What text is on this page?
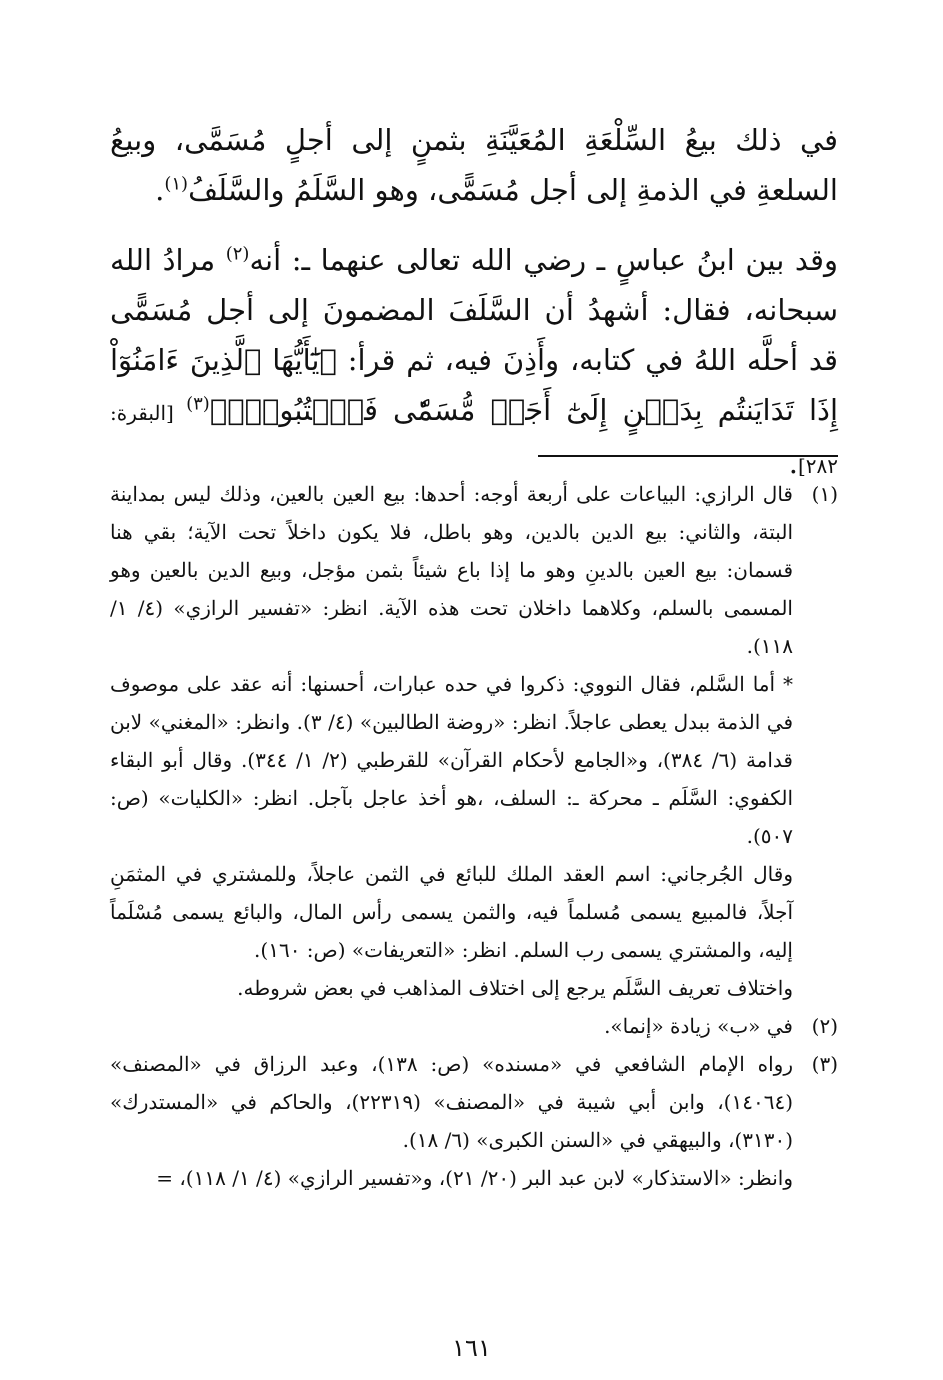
في ذلك بيعُ السِّلْعَةِ المُعَيَّنَةِ بثمنٍ إلى أجلٍ مُسَمَّى، وبيعُ السلعةِ في الذمةِ إلى أجل مُسَمًّى، وهو السَّلَمُ والسَّلَفُ$^{(١)}$.

وقد بين ابنُ عباسٍ ـ رضي الله تعالى عنهما ـ: أنه$^{(٢)}$ مرادُ الله سبحانه، فقال: أشهدُ أن السَّلَفَ المضمونَ إلى أجل مُسَمًّى قد أحلَّه اللهُ في كتابه، وأَذِنَ فيه، ثم قرأ: ﴿يَٰٓأَيُّهَا ٱلَّذِينَ ءَامَنُوٓاْ إِذَا تَدَايَنتُم بِدَيۡنٍ إِلَىٰٓ أَجَلٖ مُّسَمّٗى فَٱكۡتُبُوهُۚ﴾$^{(٣)}$ [البقرة: ٢٨٢].

(١)

قال الرازي: البياعات على أربعة أوجه: أحدها: بيع العين بالعين، وذلك ليس بمداينة البتة، والثاني: بيع الدين بالدين، وهو باطل، فلا يكون داخلاً تحت الآية؛ بقي هنا قسمان: بيع العين بالدينِ وهو ما إذا باع شيئاً بثمن مؤجل، وبيع الدين بالعين وهو المسمى بالسلم، وكلاهما داخلان تحت هذه الآية. انظر: «تفسير الرازي» (٤/ ١/ ١١٨).

* أما السَّلم، فقال النووي: ذكروا في حده عبارات، أحسنها: أنه عقد على موصوف في الذمة ببدل يعطى عاجلاً. انظر: «روضة الطالبين» (٤/ ٣). وانظر: «المغني» لابن قدامة (٦/ ٣٨٤)، و«الجامع لأحكام القرآن» للقرطبي (٢/ ١/ ٣٤٤). وقال أبو البقاء الكفوي: السَّلَم ـ محركة ـ: السلف، ،هو أخذ عاجل بآجل. انظر: «الكليات» (ص: ٥٠٧).

وقال الجُرجاني: اسم العقد الملك للبائع في الثمن عاجلاً، وللمشتري في المثمَنِ آجلاً، فالمبيع يسمى مُسلماً فيه، والثمن يسمى رأس المال، والبائع يسمى مُسْلَماً إليه، والمشتري يسمى رب السلم. انظر: «التعريفات» (ص: ١٦٠).

واختلاف تعريف السَّلَم يرجع إلى اختلاف المذاهب في بعض شروطه.

(٢)

في «ب» زيادة «إنما».

(٣)

رواه الإمام الشافعي في «مسنده» (ص: ١٣٨)، وعبد الرزاق في «المصنف» (١٤٠٦٤)، وابن أبي شيبة في «المصنف» (٢٢٣١٩)، والحاكم في «المستدرك» (٣١٣٠)، والبيهقي في «السنن الكبرى» (٦/ ١٨).

وانظر: «الاستذكار» لابن عبد البر (٢٠/ ٢١)، و«تفسير الرازي» (٤/ ١/ ١١٨)، =

١٦١
